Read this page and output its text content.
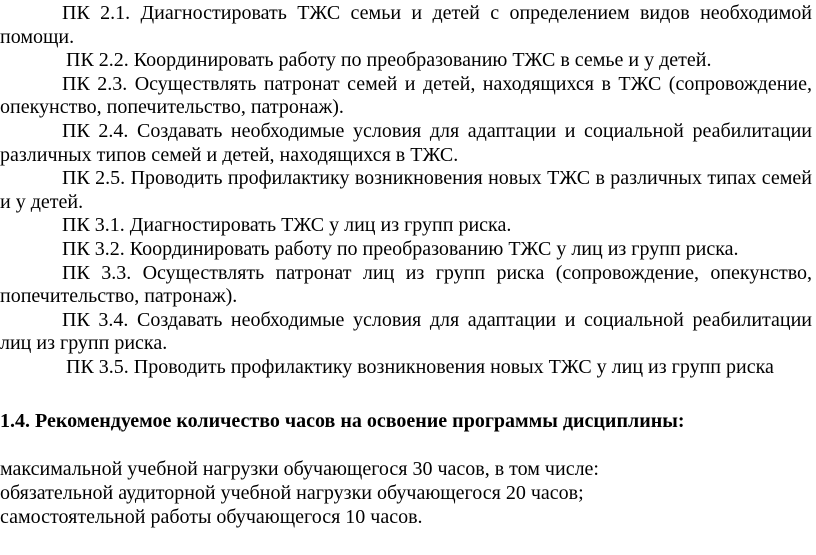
ПК 2.1. Диагностировать ТЖС семьи и детей с определением видов необходимой помощи.

ПК 2.2. Координировать работу по преобразованию ТЖС в семье и у детей.

ПК 2.3. Осуществлять патронат семей и детей, находящихся в ТЖС (сопровождение, опекунство, попечительство, патронаж).

ПК 2.4. Создавать необходимые условия для адаптации и социальной реабилитации различных типов семей и детей, находящихся в ТЖС.

ПК 2.5. Проводить профилактику возникновения новых ТЖС в различных типах семей и у детей.

ПК 3.1. Диагностировать ТЖС у лиц из групп риска.

ПК 3.2. Координировать работу по преобразованию ТЖС у лиц из групп риска.

ПК 3.3. Осуществлять патронат лиц из групп риска (сопровождение, опекунство, попечительство, патронаж).

ПК 3.4. Создавать необходимые условия для адаптации и социальной реабилитации лиц из групп риска.

ПК 3.5. Проводить профилактику возникновения новых ТЖС у лиц из групп риска

1.4. Рекомендуемое количество часов на освоение программы дисциплины:

максимальной учебной нагрузки обучающегося 30 часов, в том числе:

обязательной аудиторной учебной нагрузки обучающегося 20 часов;

самостоятельной работы обучающегося 10 часов.
